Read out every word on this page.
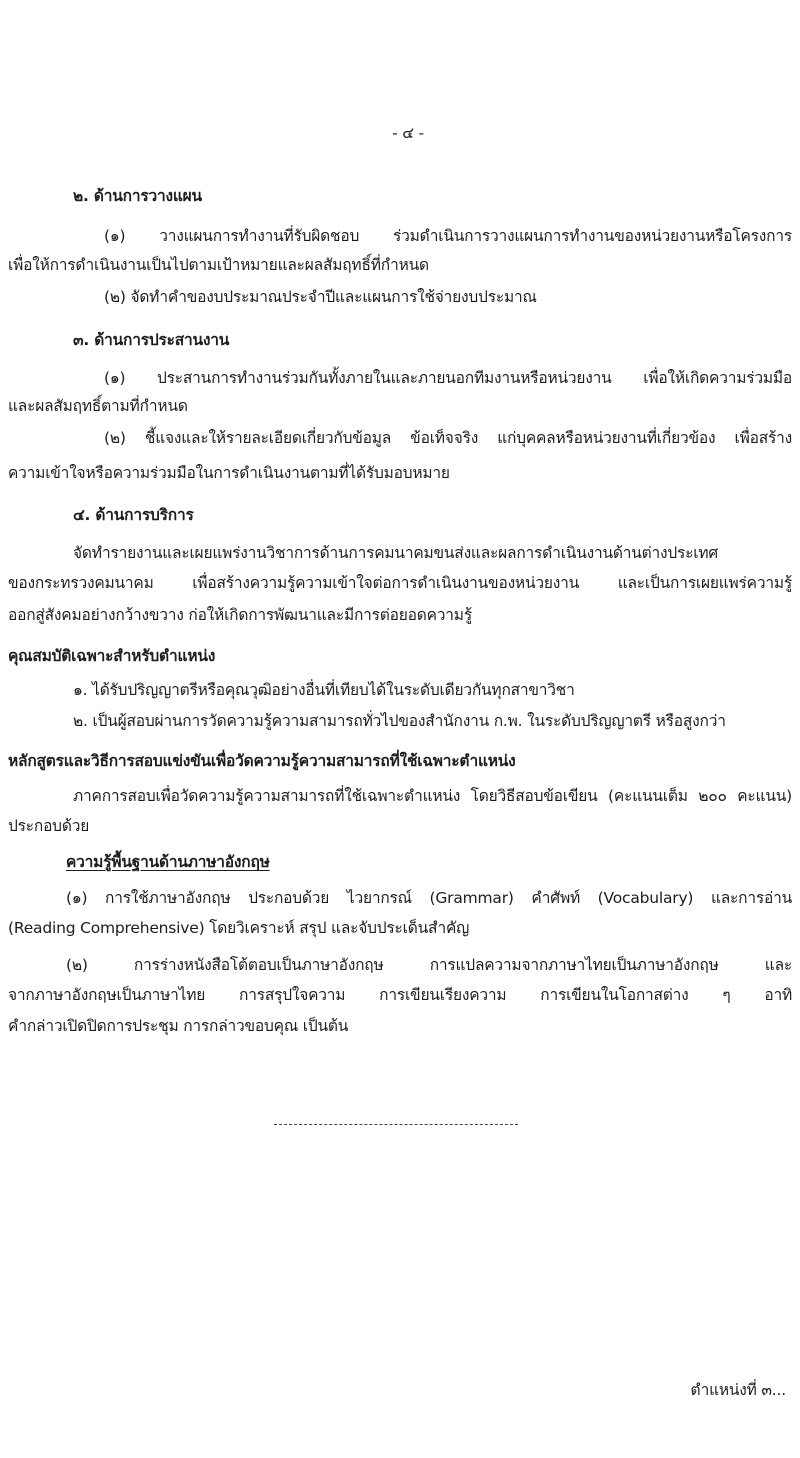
- ๔ -
๒. ด้านการวางแผน
(๑) วางแผนการทำงานที่รับผิดชอบ ร่วมดำเนินการวางแผนการทำงานของหน่วยงานหรือโครงการ
เพื่อให้การดำเนินงานเป็นไปตามเป้าหมายและผลสัมฤทธิ์ที่กำหนด
(๒) จัดทำคำของบประมาณประจำปีและแผนการใช้จ่ายงบประมาณ
๓. ด้านการประสานงาน
(๑) ประสานการทำงานร่วมกันทั้งภายในและภายนอกทีมงานหรือหน่วยงาน เพื่อให้เกิดความร่วมมือ
และผลสัมฤทธิ์ตามที่กำหนด
(๒) ชี้แจงและให้รายละเอียดเกี่ยวกับข้อมูล ข้อเท็จจริง แก่บุคคลหรือหน่วยงานที่เกี่ยวข้อง เพื่อสร้าง
ความเข้าใจหรือความร่วมมือในการดำเนินงานตามที่ได้รับมอบหมาย
๔. ด้านการบริการ
จัดทำรายงานและเผยแพร่งานวิชาการด้านการคมนาคมขนส่งและผลการดำเนินงานด้านต่างประเทศ
ของกระทรวงคมนาคม เพื่อสร้างความรู้ความเข้าใจต่อการดำเนินงานของหน่วยงาน และเป็นการเผยแพร่ความรู้
ออกสู่สังคมอย่างกว้างขวาง ก่อให้เกิดการพัฒนาและมีการต่อยอดความรู้
คุณสมบัติเฉพาะสำหรับตำแหน่ง
๑. ได้รับปริญญาตรีหรือคุณวุฒิอย่างอื่นที่เทียบได้ในระดับเดียวกันทุกสาขาวิชา
๒. เป็นผู้สอบผ่านการวัดความรู้ความสามารถทั่วไปของสำนักงาน ก.พ. ในระดับปริญญาตรี หรือสูงกว่า
หลักสูตรและวิธีการสอบแข่งขันเพื่อวัดความรู้ความสามารถที่ใช้เฉพาะตำแหน่ง
ภาคการสอบเพื่อวัดความรู้ความสามารถที่ใช้เฉพาะตำแหน่ง โดยวิธีสอบข้อเขียน (คะแนนเต็ม ๒๐๐ คะแนน)
ประกอบด้วย
ความรู้พื้นฐานด้านภาษาอังกฤษ
(๑) การใช้ภาษาอังกฤษ ประกอบด้วย ไวยากรณ์ (Grammar) คำศัพท์ (Vocabulary) และการอ่าน
(Reading Comprehensive) โดยวิเคราะห์ สรุป และจับประเด็นสำคัญ
(๒) การร่างหนังสือโต้ตอบเป็นภาษาอังกฤษ การแปลความจากภาษาไทยเป็นภาษาอังกฤษ และ
จากภาษาอังกฤษเป็นภาษาไทย การสรุปใจความ การเขียนเรียงความ การเขียนในโอกาสต่าง ๆ อาทิ
คำกล่าวเปิดปิดการประชุม การกล่าวขอบคุณ เป็นต้น
ตำแหน่งที่ ๓...
